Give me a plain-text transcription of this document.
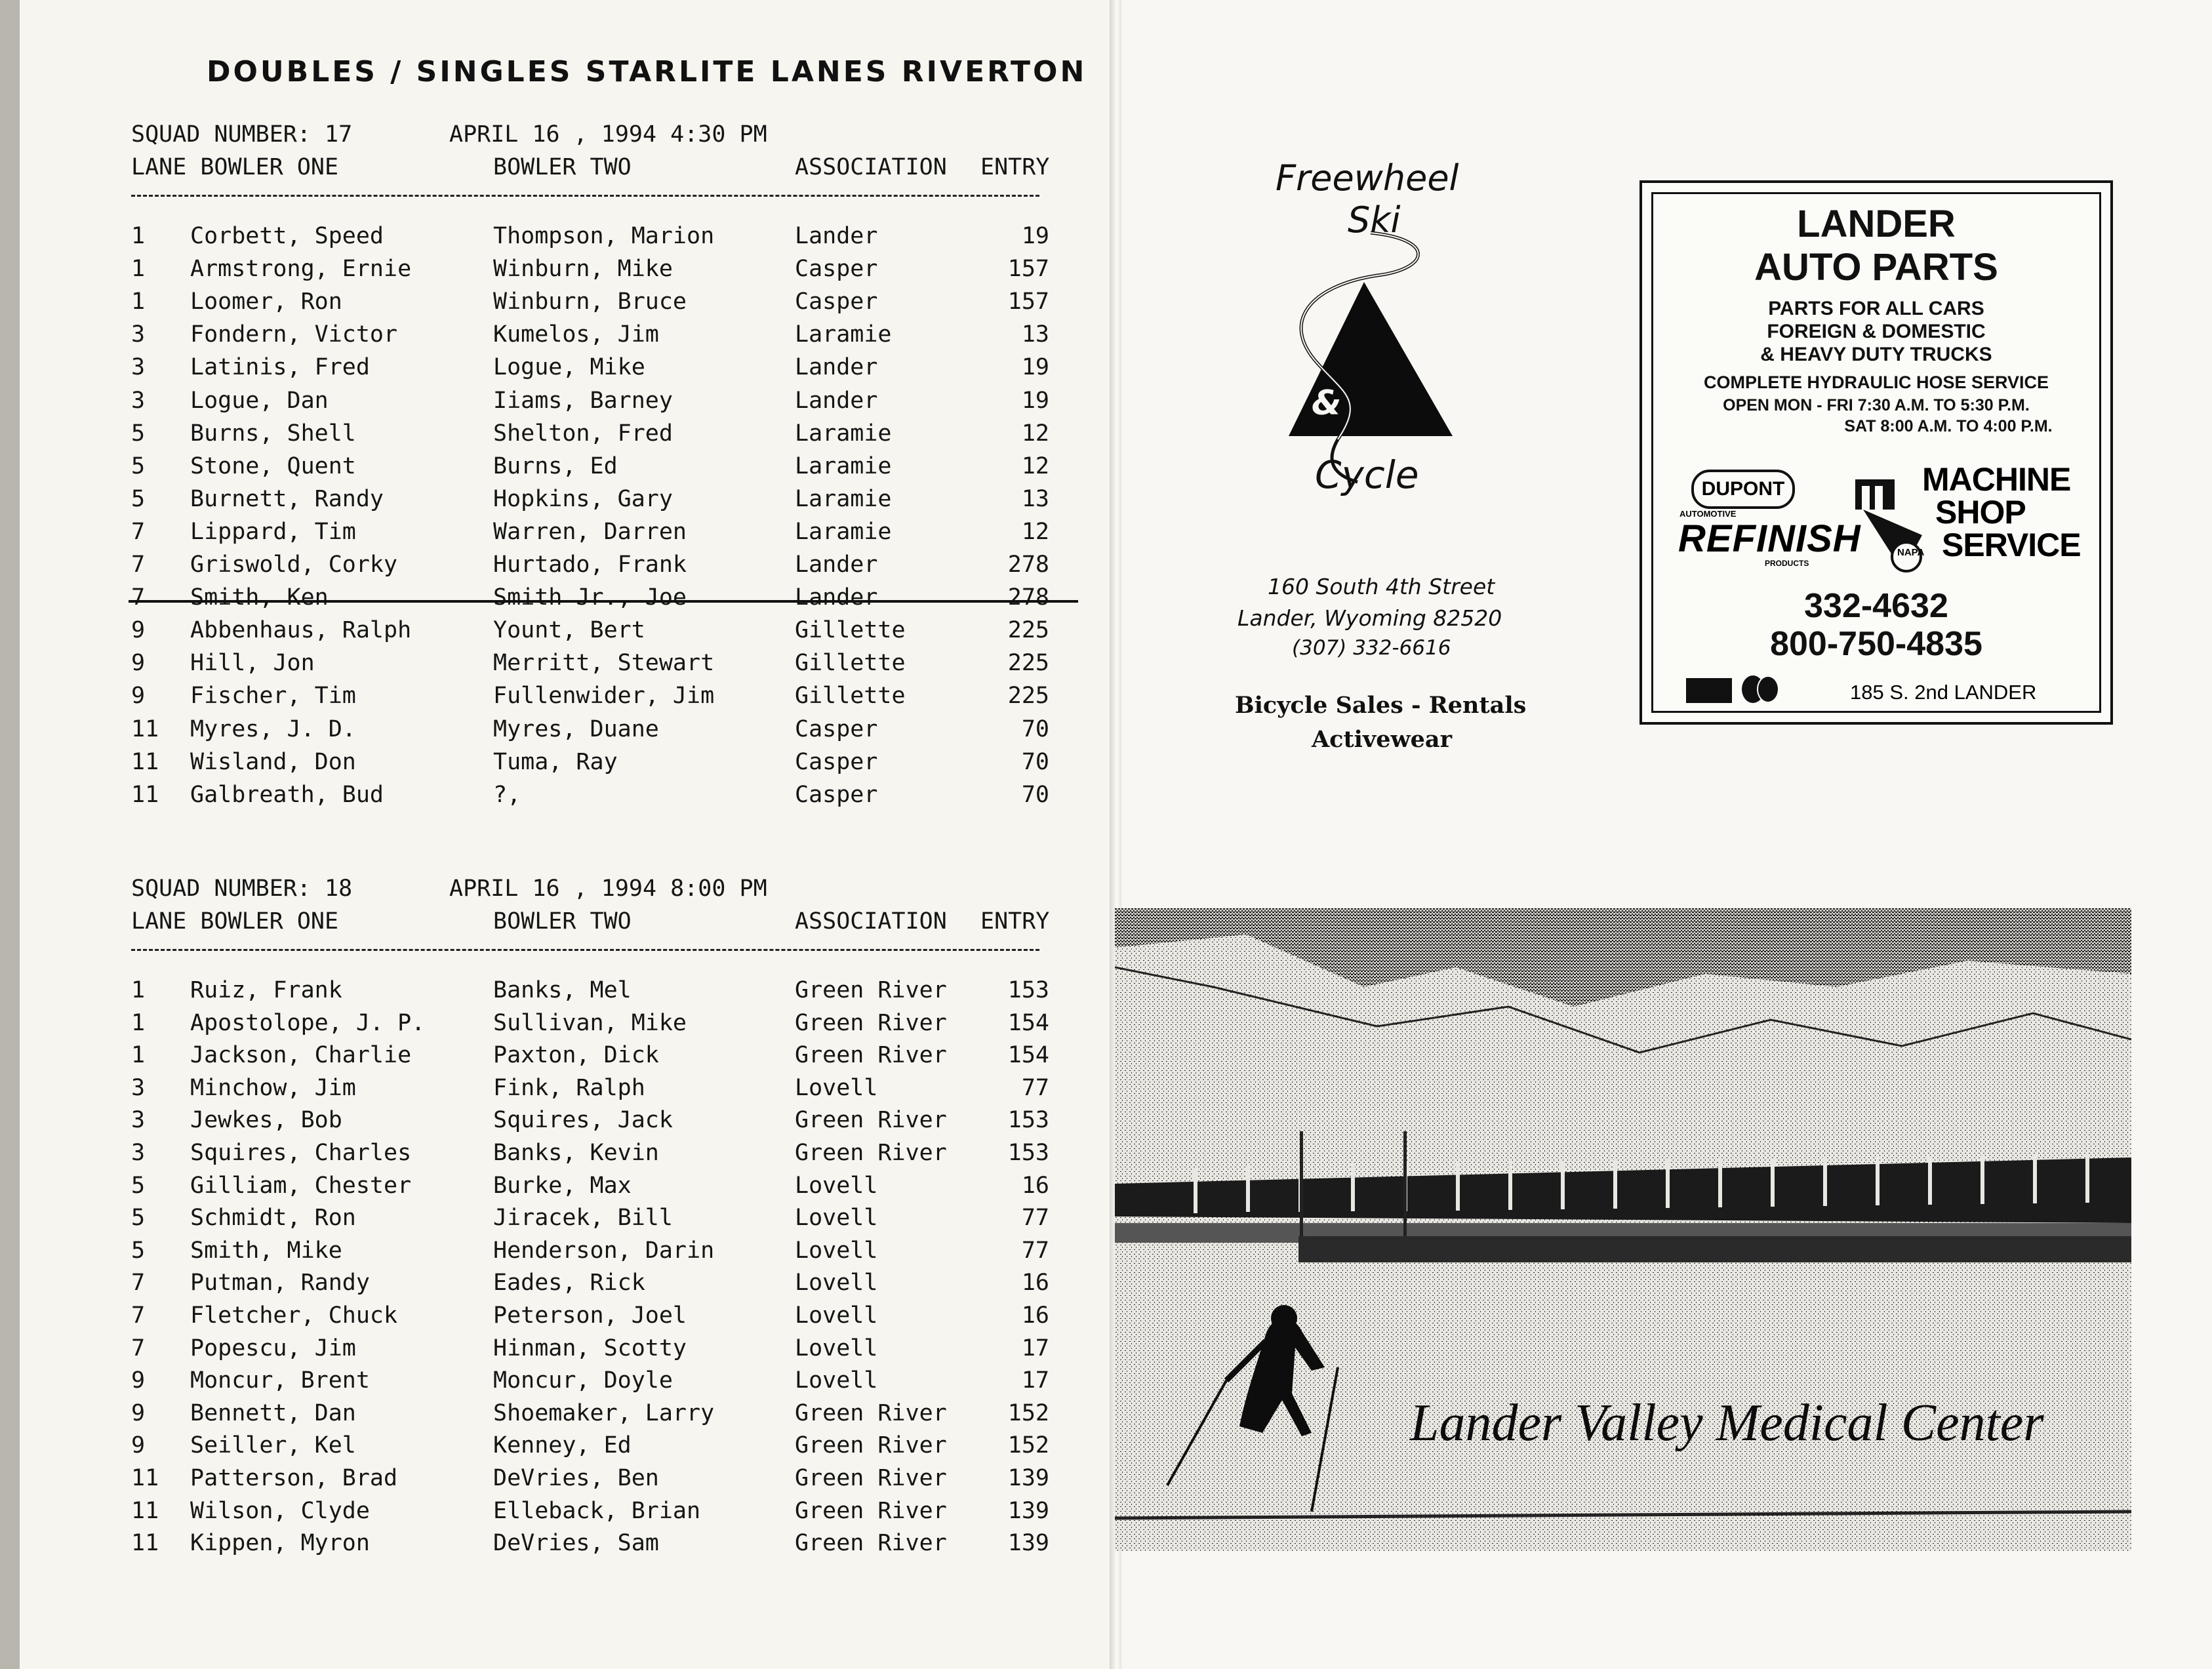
DOUBLES / SINGLES STARLITE LANES RIVERTON
SQUAD NUMBER: 17	APRIL 16 , 1994 4:30 PM
LANE BOWLER ONE	BOWLER TWO	ASSOCIATION ENTRY
1 Corbett, Speed	Thompson, Marion	Lander	19
1 Armstrong, Ernie	Winburn, Mike	Casper	157
1 Loomer, Ron	Winburn, Bruce	Casper	157
3 Fondern, Victor	Kumelos, Jim	Laramie	13
3 Latinis, Fred	Logue, Mike	Lander	19
3 Logue, Dan	Iiams, Barney	Lander	19
5 Burns, Shell	Shelton, Fred	Laramie	12
5 Stone, Quent	Burns, Ed	Laramie	12
5 Burnett, Randy	Hopkins, Gary	Laramie	13
7 Lippard, Tim	Warren, Darren	Laramie	12
7 Griswold, Corky	Hurtado, Frank	Lander	278
7 Smith, Ken	Smith Jr., Joe	Lander	278
9 Abbenhaus, Ralph	Yount, Bert	Gillette	225
9 Hill, Jon	Merritt, Stewart	Gillette	225
9 Fischer, Tim	Fullenwider, Jim	Gillette	225
11 Myres, J. D.	Myres, Duane	Casper	70
11 Wisland, Don	Tuma, Ray	Casper	70
11 Galbreath, Bud	?,	Casper	70
SQUAD NUMBER: 18	APRIL 16 , 1994 8:00 PM
LANE BOWLER ONE	BOWLER TWO	ASSOCIATION ENTRY
1 Ruiz, Frank	Banks, Mel	Green River	153
1 Apostolope, J. P.	Sullivan, Mike	Green River	154
1 Jackson, Charlie	Paxton, Dick	Green River	154
3 Minchow, Jim	Fink, Ralph	Lovell	77
3 Jewkes, Bob	Squires, Jack	Green River	153
3 Squires, Charles	Banks, Kevin	Green River	153
5 Gilliam, Chester	Burke, Max	Lovell	16
5 Schmidt, Ron	Jiracek, Bill	Lovell	77
5 Smith, Mike	Henderson, Darin	Lovell	77
7 Putman, Randy	Eades, Rick	Lovell	16
7 Fletcher, Chuck	Peterson, Joel	Lovell	16
7 Popescu, Jim	Hinman, Scotty	Lovell	17
9 Moncur, Brent	Moncur, Doyle	Lovell	17
9 Bennett, Dan	Shoemaker, Larry	Green River	152
9 Seiller, Kel	Kenney, Ed	Green River	152
11 Patterson, Brad	DeVries, Ben	Green River	139
11 Wilson, Clyde	Elleback, Brian	Green River	139
11 Kippen, Myron	DeVries, Sam	Green River	139
Freewheel
Ski
&
Cycle
160 South 4th Street
Lander, Wyoming 82520
(307) 332-6616
Bicycle Sales - Rentals
Activewear
LANDER
AUTO PARTS
PARTS FOR ALL CARS
FOREIGN & DOMESTIC
& HEAVY DUTY TRUCKS
COMPLETE HYDRAULIC HOSE SERVICE
OPEN MON - FRI 7:30 A.M. TO 5:30 P.M.
SAT 8:00 A.M. TO 4:00 P.M.
DUPONT
AUTOMOTIVE
REFINISH
PRODUCTS
NAPA
MACHINE
SHOP
SERVICE
332-4632
800-750-4835
185 S. 2nd LANDER
Lander Valley Medical Center
